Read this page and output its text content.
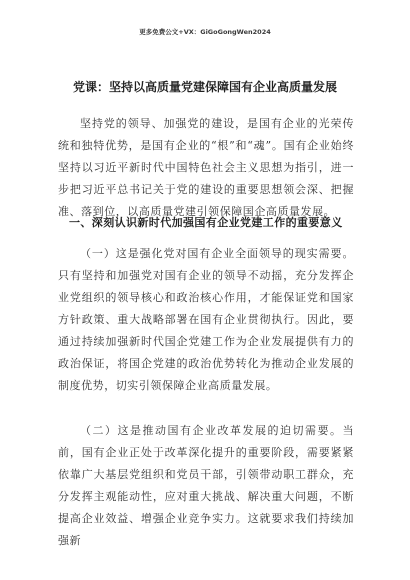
更多免费公文+VX：GiGoGongWen2024
党课：坚持以高质量党建保障国有企业高质量发展

坚持党的领导、加强党的建设，是国有企业的光荣传统和独特优势，是国有企业的“根”和“魂”。国有企业始终坚持以习近平新时代中国特色社会主义思想为指引，进一步把习近平总书记关于党的建设的重要思想领会深、把握准、落到位，以高质量党建引领保障国企高质量发展。

一、深刻认识新时代加强国有企业党建工作的重要意义

（一）这是强化党对国有企业全面领导的现实需要。只有坚持和加强党对国有企业的领导不动摇，充分发挥企业党组织的领导核心和政治核心作用，才能保证党和国家方针政策、重大战略部署在国有企业贯彻执行。因此，要通过持续加强新时代国企党建工作为企业发展提供有力的政治保证，将国企党建的政治优势转化为推动企业发展的制度优势，切实引领保障企业高质量发展。

（二）这是推动国有企业改革发展的迫切需要。当前，国有企业正处于改革深化提升的重要阶段，需要紧紧依靠广大基层党组织和党员干部，引领带动职工群众，充分发挥主观能动性，应对重大挑战、解决重大问题，不断提高企业效益、增强企业竞争实力。这就要求我们持续加强新
